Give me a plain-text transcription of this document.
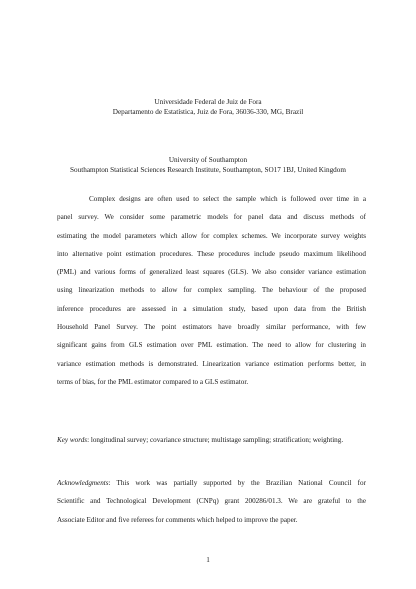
Universidade Federal de Juiz de Fora
Departamento de Estatística, Juiz de Fora, 36036-330, MG, Brazil
University of Southampton
Southampton Statistical Sciences Research Institute, Southampton, SO17 1BJ, United Kingdom
Complex designs are often used to select the sample which is followed over time in a
panel survey. We consider some parametric models for panel data and discuss methods of
estimating the model parameters which allow for complex schemes. We incorporate survey weights
into alternative point estimation procedures. These procedures include pseudo maximum likelihood
(PML) and various forms of generalized least squares (GLS). We also consider variance estimation
using linearization methods to allow for complex sampling. The behaviour of the proposed
inference procedures are assessed in a simulation study, based upon data from the British
Household Panel Survey. The point estimators have broadly similar performance, with few
significant gains from GLS estimation over PML estimation. The need to allow for clustering in
variance estimation methods is demonstrated. Linearization variance estimation performs better, in
terms of bias, for the PML estimator compared to a GLS estimator.
Key words: longitudinal survey; covariance structure; multistage sampling; stratification; weighting.
Acknowledgments: This work was partially supported by the Brazilian National Council for
Scientific and Technological Development (CNPq) grant 200286/01.3. We are grateful to the
Associate Editor and five referees for comments which helped to improve the paper.
1
